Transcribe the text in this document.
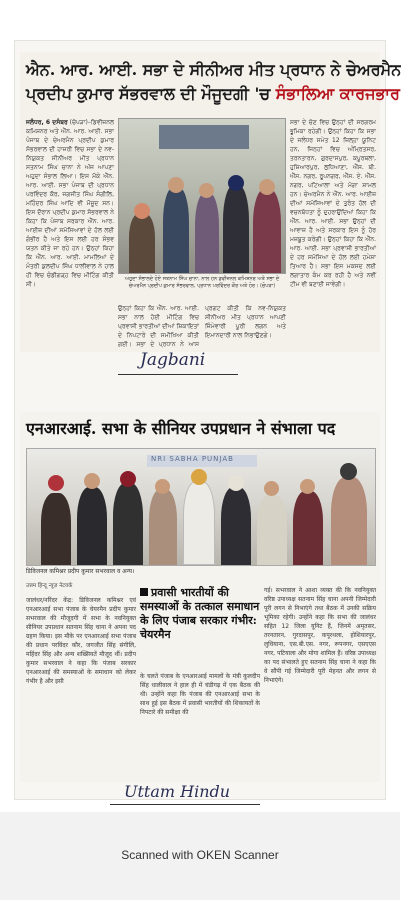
ਐਨ. ਆਰ. ਆਈ. ਸਭਾ ਦੇ ਸੀਨੀਅਰ ਮੀਤ ਪ੍ਰਧਾਨ ਨੇ ਚੇਅਰਮੈਨ
ਪ੍ਰਦੀਪ ਕੁਮਾਰ ਸੱਭਰਵਾਲ ਦੀ ਮੌਜੂਦਗੀ 'ਚ ਸੰਭਾਲਿਆ ਕਾਰਜਭਾਰ
ਜਲੰਧਰ, 6 ਦਸੰਬਰ (ਚੋਪੜਾ)–ਡਿਵੀਜ਼ਨਲ ਕਮਿਸ਼ਨਰ ਅਤੇ ਐੱਨ. ਆਰ. ਆਈ. ਸਭਾ ਪੰਜਾਬ ਦੇ ਚੇਅਰਮੈਨ ਪ੍ਰਦੀਪ ਕੁਮਾਰ ਸੱਭਰਵਾਲ ਦੀ ਹਾਜ਼ਰੀ ਵਿਚ ਸਭਾ ਦੇ ਨਵ-ਨਿਯੁਕਤ ਸੀਨੀਅਰ ਮੀਤ ਪ੍ਰਧਾਨ ਸਤਨਾਮ ਸਿੰਘ ਚਾਨਾ ਨੇ ਅੱਜ ਆਪਣਾ ਅਹੁਦਾ ਸੰਭਾਲ ਲਿਆ। ਇਸ ਮੌਕੇ ਐੱਨ. ਆਰ. ਆਈ. ਸਭਾ ਪੰਜਾਬ ਦੀ ਪ੍ਰਧਾਨ ਪਰਵਿੰਦਰ ਕੌਰ, ਜਗਜੀਤ ਸਿੰਘ ਸੰਗੀਲਿ, ਮਹਿੰਦਰ ਸਿੰਘ ਆਦਿ ਵੀ ਮੌਜੂਦ ਸਨ। ਇਸ ਦੌਰਾਨ ਪ੍ਰਦੀਪ ਕੁਮਾਰ ਸੱਭਰਵਾਲ ਨੇ ਕਿਹਾ ਕਿ ਪੰਜਾਬ ਸਰਕਾਰ ਐੱਨ. ਆਰ. ਆਈਜ਼ ਦੀਆਂ ਸਮੱਸਿਆਵਾਂ ਦੇ ਹੱਲ ਲਈ ਗੰਭੀਰ ਹੈ ਅਤੇ ਇਸ ਲਈ ਹਰ ਸੰਭਵ ਯਤਨ ਕੀਤੇ ਜਾ ਰਹੇ ਹਨ। ਉਨ੍ਹਾਂ ਕਿਹਾ ਕਿ ਐੱਨ. ਆਰ. ਆਈ. ਮਾਮਲਿਆਂ ਦੇ ਮੰਤਰੀ ਕੁਲਦੀਪ ਸਿੰਘ ਧਾਲੀਵਾਲ ਨੇ ਹਾਲ ਹੀ ਵਿਚ ਚੰਡੀਗੜ੍ਹ ਵਿਚ ਮੀਟਿੰਗ ਕੀਤੀ ਸੀ।
ਅਹੁਦਾ ਸੰਭਾਲਦੇ ਹੋਏ ਸਤਨਾਮ ਸਿੰਘ ਚਾਨਾ, ਨਾਲ ਹਨ ਡਵੀਜ਼ਨਲ ਕਮਿਸ਼ਨਰ ਅਤੇ ਸਭਾ ਦੇ ਚੇਅਰਮੈਨ ਪ੍ਰਦੀਪ ਕੁਮਾਰ ਸੱਭਰਵਾਲ, ਪ੍ਰਧਾਨ ਪਰਵਿੰਦਰ ਕੌਰ ਅਤੇ ਹੋਰ। (ਚੋਪੜਾ)
ਉਨ੍ਹਾਂ ਕਿਹਾ ਕਿ ਐੱਨ. ਆਰ. ਆਈ. ਸਭਾ ਨਾਲ ਹੋਈ ਮੀਟਿੰਗ ਵਿਚ ਪ੍ਰਵਾਸੀ ਭਾਰਤੀਆਂ ਦੀਆਂ ਸ਼ਿਕਾਇਤਾਂ ਦੇ ਨਿਪਟਾਰੇ ਦੀ ਸਮੀਖਿਆ ਕੀਤੀ ਗਈ। ਸਭਾ ਦੇ ਪ੍ਰਧਾਨ ਨੇ ਆਸ ਪ੍ਰਗਟ ਕੀਤੀ ਕਿ ਨਵ-ਨਿਯੁਕਤ ਸੀਨੀਅਰ ਮੀਤ ਪ੍ਰਧਾਨ ਆਪਣੀ ਜ਼ਿੰਮੇਵਾਰੀ ਪੂਰੀ ਲਗਨ ਅਤੇ ਇਮਾਨਦਾਰੀ ਨਾਲ ਨਿਭਾਉਣਗੇ।
ਸਭਾ ਦੇ ਚੋਣ ਵਿਚ ਉਨ੍ਹਾਂ ਦੀ ਸਰਗਰਮ ਭੂਮਿਕਾ ਰਹੇਗੀ। ਉਨ੍ਹਾਂ ਕਿਹਾ ਕਿ ਸਭਾ ਦੇ ਜਲੰਧਰ ਸਮੇਤ 12 ਜ਼ਿਲ੍ਹਾ ਯੂਨਿਟ ਹਨ, ਜਿਨ੍ਹਾਂ ਵਿਚ ਅੰਮ੍ਰਿਤਸਰ, ਤਰਨਤਾਰਨ, ਗੁਰਦਾਸਪੁਰ, ਕਪੂਰਥਲਾ, ਹੁਸ਼ਿਆਰਪੁਰ, ਲੁਧਿਆਣਾ, ਐੱਸ. ਬੀ. ਐੱਸ. ਨਗਰ, ਰੂਪਨਗਰ, ਐੱਸ. ਏ. ਐੱਸ. ਨਗਰ, ਪਟਿਆਲਾ ਅਤੇ ਮੋਗਾ ਸ਼ਾਮਲ ਹਨ। ਚੇਅਰਮੈਨ ਨੇ ਐੱਨ. ਆਰ. ਆਈਜ਼ ਦੀਆਂ ਸਮੱਸਿਆਵਾਂ ਦੇ ਤੁਰੰਤ ਹੱਲ ਦੀ ਵਚਨਬੱਧਤਾ ਨੂੰ ਦੁਹਰਾਉਂਦਿਆਂ ਕਿਹਾ ਕਿ ਐੱਨ. ਆਰ. ਆਈ. ਸਭਾ ਉਨ੍ਹਾਂ ਦੀ ਆਵਾਜ਼ ਹੈ ਅਤੇ ਸਰਕਾਰ ਇਸ ਨੂੰ ਹੋਰ ਮਜ਼ਬੂਤ ਕਰੇਗੀ। ਉਨ੍ਹਾਂ ਕਿਹਾ ਕਿ ਐੱਨ. ਆਰ. ਆਈ. ਸਭਾ ਪ੍ਰਵਾਸੀ ਭਾਰਤੀਆਂ ਦੇ ਹਰ ਸਮੱਸਿਆ ਦੇ ਹੱਲ ਲਈ ਹਮੇਸ਼ਾ ਤਿਆਰ ਹੈ। ਸਭਾ ਇਸ ਮਕਸਦ ਲਈ ਲਗਾਤਾਰ ਕੰਮ ਕਰ ਰਹੀ ਹੈ ਅਤੇ ਨਵੀਂ ਟੀਮ ਵੀ ਬਣਾਈ ਜਾਵੇਗੀ।
Jagbani
एनआरआई. सभा के सीनियर उपप्रधान ने संभाला पद
NRI SABHA PUNJAB
डिविजनल कमिश्नर प्रदीप कुमार सभरवाल व अन्य।
उत्तम हिन्दू न्यूज़ नेटवर्क
जालंधर/नरिंदर केंद्र: डिविजनल कमिश्नर एवं एनआरआई सभा पंजाब के चेयरमैन प्रदीप कुमार सभरवाल की मौजूदगी में सभा के नवनियुक्त सीनियर उपप्रधान सतनाम सिंह चाना ने अपना पद ग्रहण किया। इस मौके पर एनआरआई सभा पंजाब की प्रधान परविंदर कौर, जगजीत सिंह संगीलि, महिंदर सिंह और अन्य शख्सियतें मौजूद थीं। प्रदीप कुमार सभरवाल ने कहा कि पंजाब सरकार एनआरआई की समस्याओं के समाधान को लेकर गंभीर है और इसी
प्रवासी भारतीयों की समस्याओं के तत्काल समाधान के लिए पंजाब सरकार गंभीर: चेयरमैन
के चलते पंजाब के एनआरआई मामलों के मंत्री कुलदीप सिंह धालीवाल ने हाल ही में चंडीगढ़ में एक बैठक की थी। उन्होंने कहा कि पंजाब की एनआरआई सभा के साथ हुई इस बैठक में प्रवासी भारतीयों की शिकायतों के निपटारे की समीक्षा की
गई। सभरवाल ने आशा व्यक्त की कि नवनियुक्त वरिष्ठ उपाध्यक्ष सतनाम सिंह चाना अपनी जिम्मेदारी पूरी लगन से निभाएंगे तथा बैठक में उनकी सक्रिय भूमिका रहेगी। उन्होंने कहा कि सभा की जालंधर सहित 12 जिला यूनिट हैं, जिनमें अमृतसर, तरनतारन, गुरदासपुर, कपूरथला, होशियारपुर, लुधियाना, एस.बी.एस. नगर, रूपनगर, एसएएस नगर, पटियाला और मोगा शामिल हैं। वरिष्ठ उपाध्यक्ष का पद संभालते हुए सतनाम सिंह चाना ने कहा कि वे सौंपी गई जिम्मेदारी पूरी मेहनत और लगन से निभाएंगे।
Uttam Hindu
Scanned with OKEN Scanner
